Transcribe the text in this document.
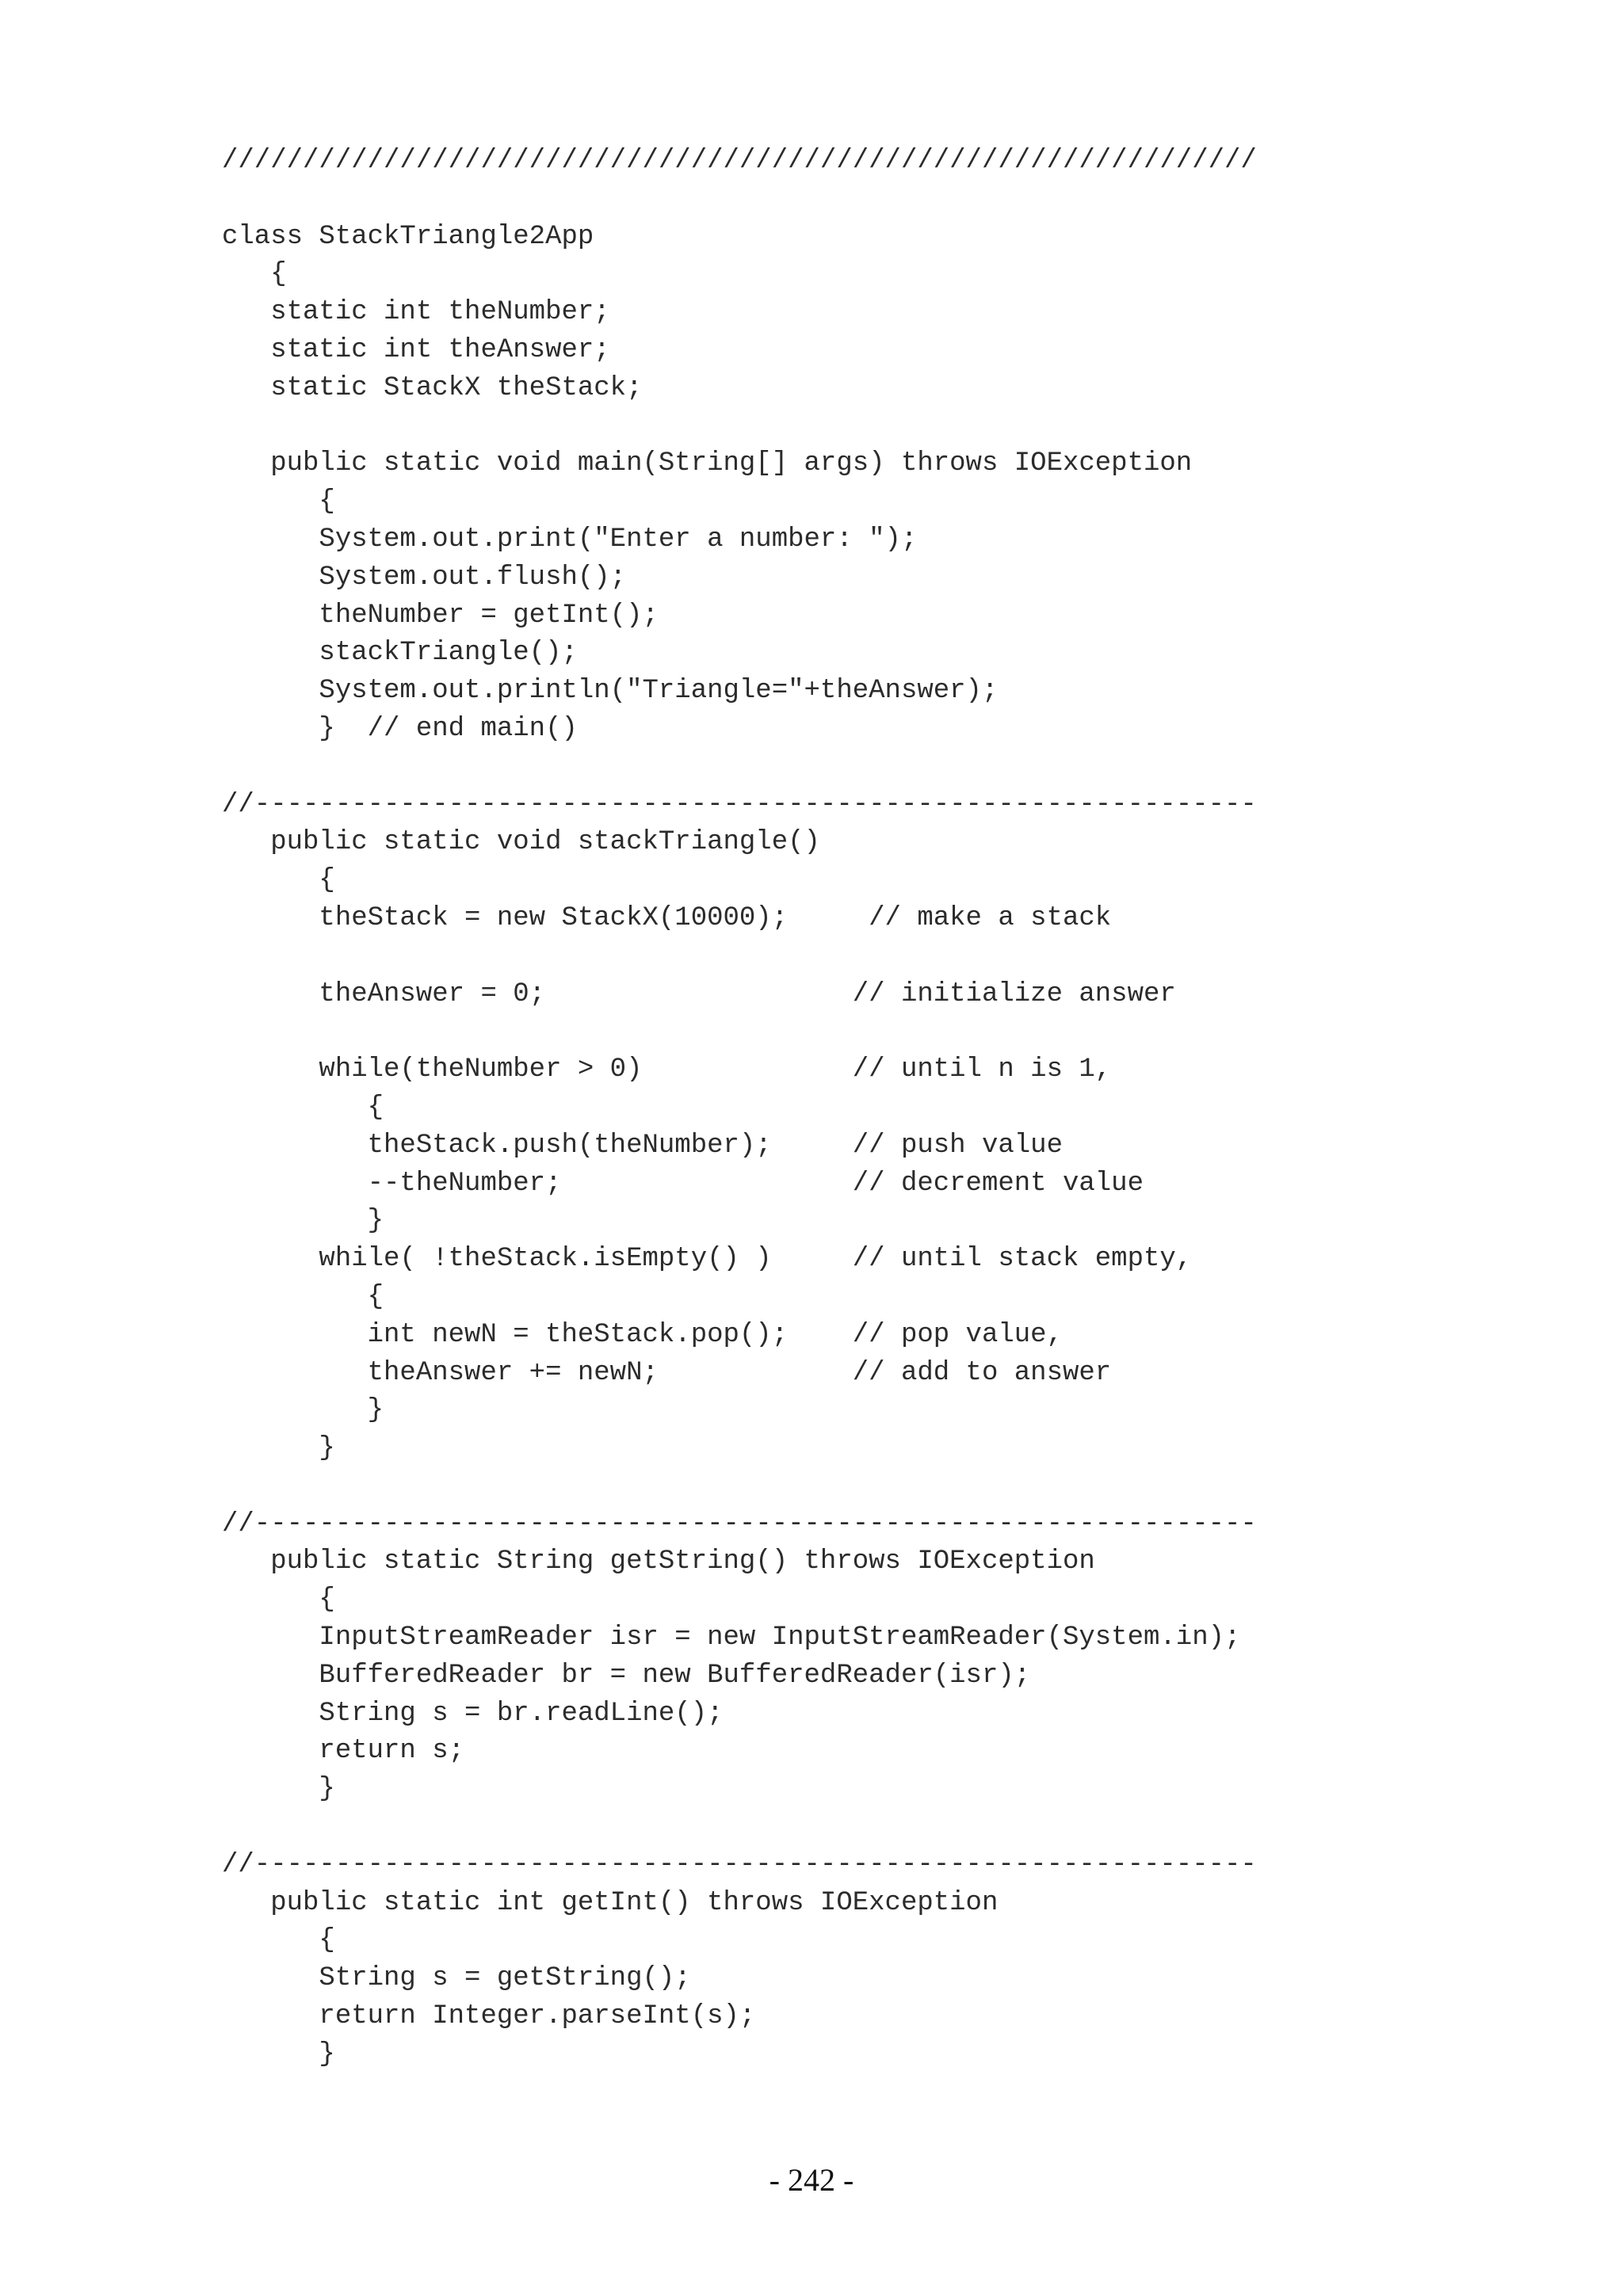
////////////////////////////////////////////////////////////////
class StackTriangle2App
{
static int theNumber;
static int theAnswer;
static StackX theStack;
public static void main(String[] args) throws IOException
{
System.out.print("Enter a number: ");
System.out.flush();
theNumber = getInt();
stackTriangle();
System.out.println("Triangle="+theAnswer);
}  // end main()
//--------------------------------------------------------------
public static void stackTriangle()
{
theStack = new StackX(10000);     // make a stack
theAnswer = 0;                   // initialize answer
while(theNumber > 0)             // until n is 1,
{
theStack.push(theNumber);     // push value
--theNumber;                  // decrement value
}
while( !theStack.isEmpty() )     // until stack empty,
{
int newN = theStack.pop();    // pop value,
theAnswer += newN;            // add to answer
}
}
//--------------------------------------------------------------
public static String getString() throws IOException
{
InputStreamReader isr = new InputStreamReader(System.in);
BufferedReader br = new BufferedReader(isr);
String s = br.readLine();
return s;
}
//--------------------------------------------------------------
public static int getInt() throws IOException
{
String s = getString();
return Integer.parseInt(s);
}
- 242 -
